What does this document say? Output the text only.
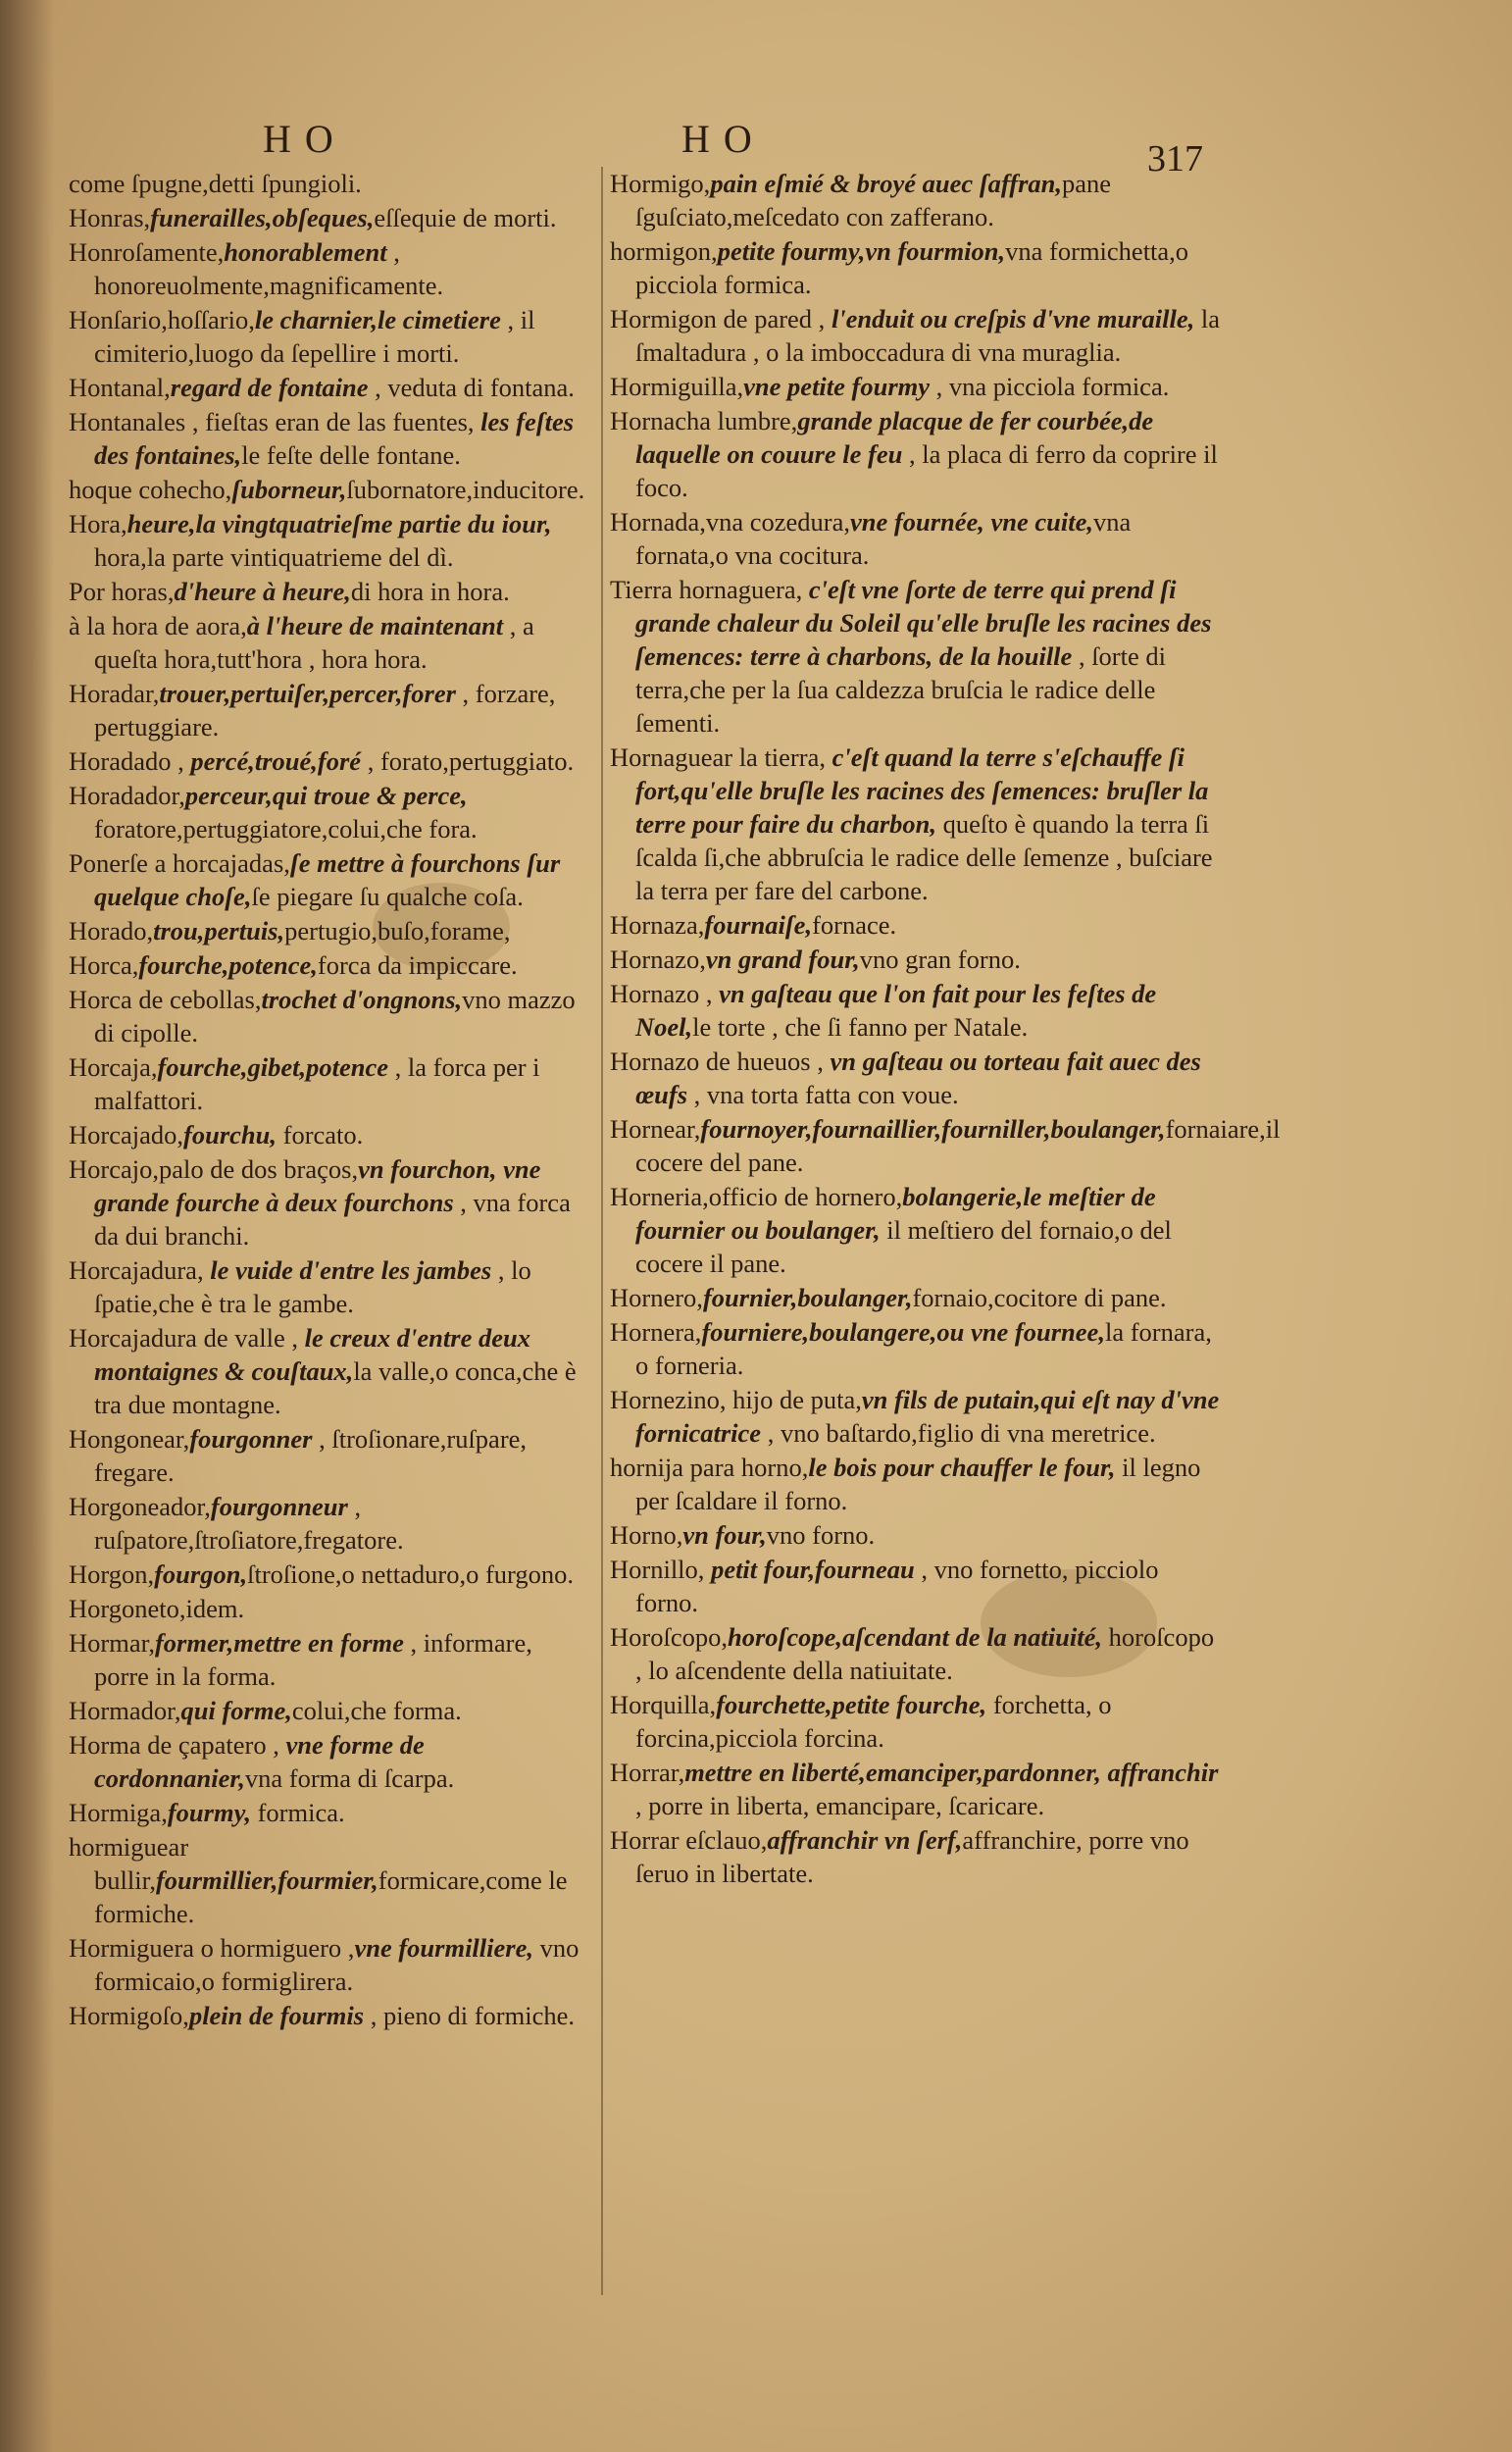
HO	HO	317
come ſpugne,detti ſpungioli.
Honras,funerailles,obſeques,eſſequie de morti.
Honroſamente,honorablement , honoreuolmente,magnificamente.
Honſario,hoſſario,le charnier,le cimetiere , il cimiterio,luogo da ſepellire i morti.
Hontanal,regard de fontaine , veduta di fontana.
Hontanales , fieſtas eran de las fuentes, les feſtes des fontaines,le feſte delle fontane.
hoque cohecho,ſuborneur,ſubornatore,inducitore.
Hora,heure,la vingtquatrieſme partie du iour, hora,la parte vintiquatrieme del dì.
Por horas,d'heure à heure,di hora in hora.
à la hora de aora,à l'heure de maintenant , a queſta hora,tutt'hora , hora hora.
Horadar,trouer,pertuiſer,percer,forer , forzare, pertuggiare.
Horadado , percé,troué,foré , forato,pertuggiato.
Horadador,perceur,qui troue & perce, foratore,pertuggiatore,colui,che fora.
Ponerſe a horcajadas,ſe mettre à fourchons ſur quelque choſe,ſe piegare ſu qualche coſa.
Horado,trou,pertuis,pertugio,buſo,forame,
Horca,fourche,potence,forca da impiccare.
Horca de cebollas,trochet d'ongnons,vno mazzo di cipolle.
Horcaja,fourche,gibet,potence , la forca per i malfattori.
Horcajado,fourchu, forcato.
Horcajo,palo de dos braços,vn fourchon, vne grande fourche à deux fourchons , vna forca da dui branchi.
Horcajadura, le vuide d'entre les jambes , lo ſpatie,che è tra le gambe.
Horcajadura de valle , le creux d'entre deux montaignes & couſtaux,la valle,o conca,che è tra due montagne.
Hongonear,fourgonner , ſtroſionare,ruſpare, fregare.
Horgoneador,fourgonneur , ruſpatore,ſtroſiatore,fregatore.
Horgon,fourgon,ſtroſione,o nettaduro,o furgono.
Horgoneto,idem.
Hormar,former,mettre en forme , informare, porre in la forma.
Hormador,qui forme,colui,che forma.
Horma de çapatero , vne forme de cordonnanier,vna forma di ſcarpa.
Hormiga,fourmy, formica.
hormiguear bullir,fourmillier,fourmier,formicare,come le formiche.
Hormiguera o hormiguero ,vne fourmilliere, vno formicaio,o formiglirera.
Hormigoſo,plein de fourmis , pieno di formiche.
Hormigo,pain eſmié & broyé auec ſaffran,pane ſguſciato,meſcedato con zafferano.
hormigon,petite fourmy,vn fourmion,vna formichetta,o picciola formica.
Hormigon de pared , l'enduit ou creſpis d'vne muraille, la ſmaltadura , o la imboccadura di vna muraglia.
Hormiguilla,vne petite fourmy , vna picciola formica.
Hornacha lumbre,grande placque de fer courbée,de laquelle on couure le feu , la placa di ferro da coprire il foco.
Hornada,vna cozedura,vne fournée, vne cuite,vna fornata,o vna cocitura.
Tierra hornaguera, c'eſt vne ſorte de terre qui prend ſi grande chaleur du Soleil qu'elle bruſle les racines des ſemences: terre à charbons, de la houille , ſorte di terra,che per la ſua caldezza bruſcia le radice delle ſementi.
Hornaguear la tierra, c'eſt quand la terre s'eſchauffe ſi fort,qu'elle bruſle les racines des ſemences: bruſler la terre pour faire du charbon, queſto è quando la terra ſi ſcalda ſi,che abbruſcia le radice delle ſemenze , buſciare la terra per fare del carbone.
Hornaza,fournaiſe,fornace.
Hornazo,vn grand four,vno gran forno.
Hornazo , vn gaſteau que l'on fait pour les feſtes de Noel,le torte , che ſi fanno per Natale.
Hornazo de hueuos , vn gaſteau ou torteau fait auec des œufs , vna torta fatta con voue.
Hornear,fournoyer,fournaillier,fourniller,boulanger,fornaiare,il cocere del pane.
Horneria,officio de hornero,bolangerie,le meſtier de fournier ou boulanger, il meſtiero del fornaio,o del cocere il pane.
Hornero,fournier,boulanger,fornaio,cocitore di pane.
Hornera,fourniere,boulangere,ou vne fournee,la fornara, o forneria.
Hornezino, hijo de puta,vn fils de putain,qui eſt nay d'vne fornicatrice , vno baſtardo,figlio di vna meretrice.
hornija para horno,le bois pour chauffer le four, il legno per ſcaldare il forno.
Horno,vn four,vno forno.
Hornillo, petit four,fourneau , vno fornetto, picciolo forno.
Horoſcopo,horoſcope,aſcendant de la natiuité, horoſcopo , lo aſcendente della natiuitate.
Horquilla,fourchette,petite fourche, forchetta, o forcina,picciola forcina.
Horrar,mettre en liberté,emanciper,pardonner, affranchir , porre in liberta, emancipare, ſcaricare.
Horrar eſclauo,affranchir vn ſerf,affranchire, porre vno ſeruo in libertate.
